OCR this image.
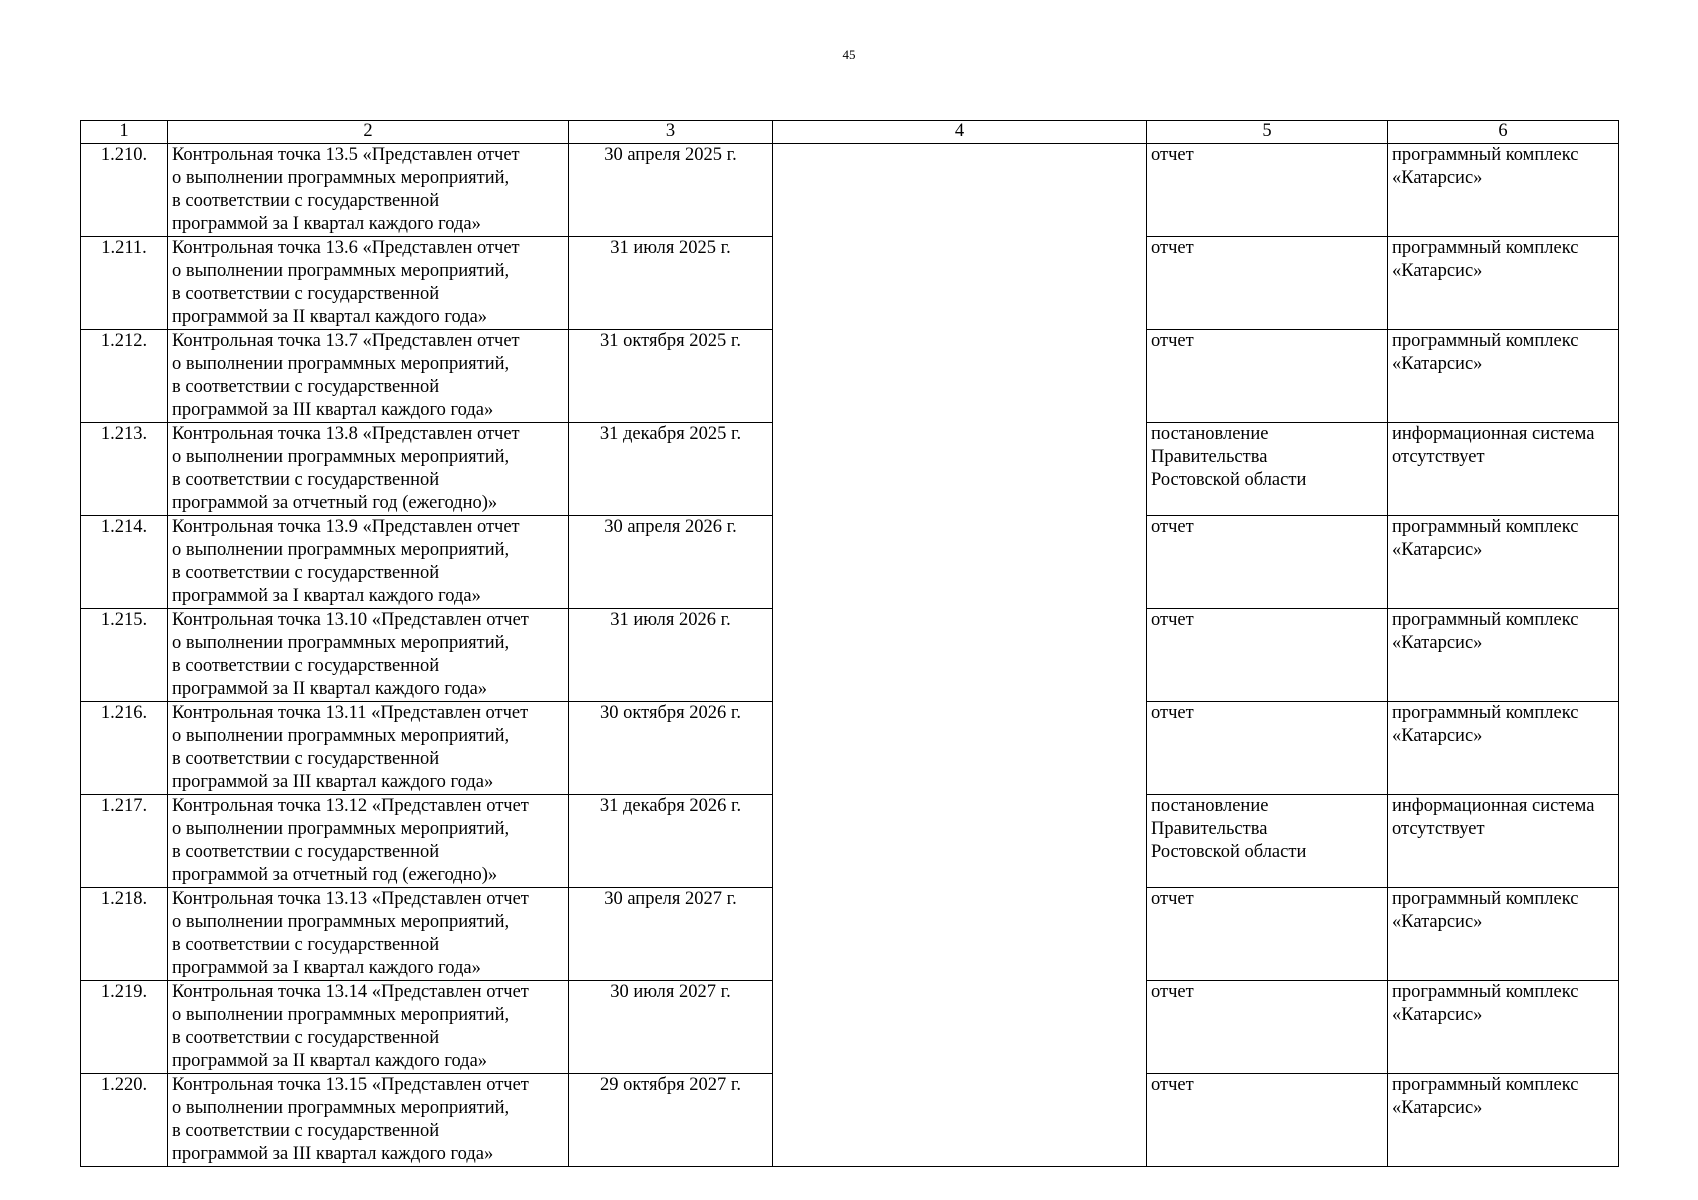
45
1	2	3	4	5	6
1.210.	Контрольная точка 13.5 «Представлен отчет
о выполнении программных мероприятий,
в соответствии с государственной
программой за I квартал каждого года»	30 апреля 2025 г.		отчет	программный комплекс
«Катарсис»
1.211.	Контрольная точка 13.6 «Представлен отчет
о выполнении программных мероприятий,
в соответствии с государственной
программой за II квартал каждого года»	31 июля 2025 г.		отчет	программный комплекс
«Катарсис»
1.212.	Контрольная точка 13.7 «Представлен отчет
о выполнении программных мероприятий,
в соответствии с государственной
программой за III квартал каждого года»	31 октября 2025 г.		отчет	программный комплекс
«Катарсис»
1.213.	Контрольная точка 13.8 «Представлен отчет
о выполнении программных мероприятий,
в соответствии с государственной
программой за отчетный год (ежегодно)»	31 декабря 2025 г.		постановление
Правительства
Ростовской области	информационная система
отсутствует
1.214.	Контрольная точка 13.9 «Представлен отчет
о выполнении программных мероприятий,
в соответствии с государственной
программой за I квартал каждого года»	30 апреля 2026 г.		отчет	программный комплекс
«Катарсис»
1.215.	Контрольная точка 13.10 «Представлен отчет
о выполнении программных мероприятий,
в соответствии с государственной
программой за II квартал каждого года»	31 июля 2026 г.		отчет	программный комплекс
«Катарсис»
1.216.	Контрольная точка 13.11 «Представлен отчет
о выполнении программных мероприятий,
в соответствии с государственной
программой за III квартал каждого года»	30 октября 2026 г.		отчет	программный комплекс
«Катарсис»
1.217.	Контрольная точка 13.12 «Представлен отчет
о выполнении программных мероприятий,
в соответствии с государственной
программой за отчетный год (ежегодно)»	31 декабря 2026 г.		постановление
Правительства
Ростовской области	информационная система
отсутствует
1.218.	Контрольная точка 13.13 «Представлен отчет
о выполнении программных мероприятий,
в соответствии с государственной
программой за I квартал каждого года»	30 апреля 2027 г.		отчет	программный комплекс
«Катарсис»
1.219.	Контрольная точка 13.14 «Представлен отчет
о выполнении программных мероприятий,
в соответствии с государственной
программой за II квартал каждого года»	30 июля 2027 г.		отчет	программный комплекс
«Катарсис»
1.220.	Контрольная точка 13.15 «Представлен отчет
о выполнении программных мероприятий,
в соответствии с государственной
программой за III квартал каждого года»	29 октября 2027 г.		отчет	программный комплекс
«Катарсис»
